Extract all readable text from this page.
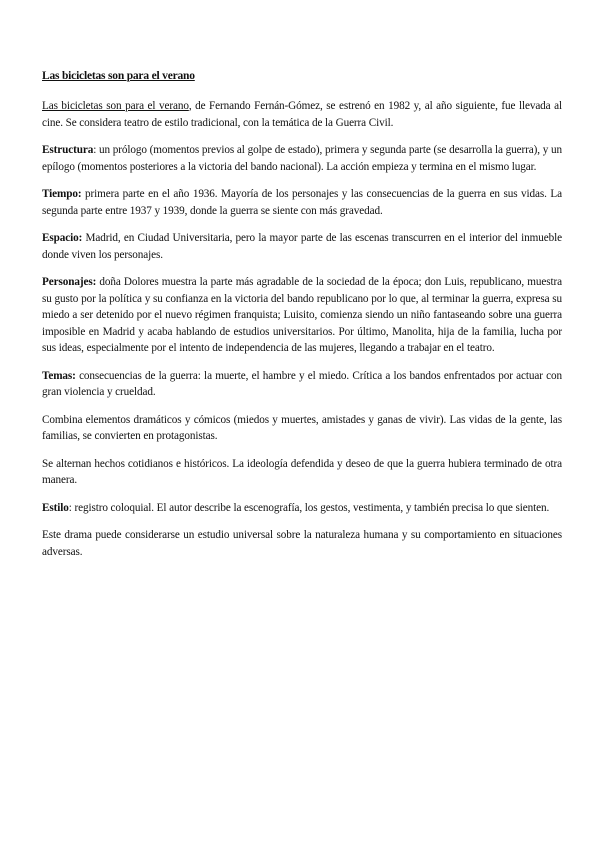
Las bicicletas son para el verano

Las bicicletas son para el verano, de Fernando Fernán-Gómez, se estrenó en 1982 y, al año siguiente, fue llevada al cine. Se considera teatro de estilo tradicional, con la temática de la Guerra Civil.

Estructura: un prólogo (momentos previos al golpe de estado), primera y segunda parte (se desarrolla la guerra), y un epílogo (momentos posteriores a la victoria del bando nacional). La acción empieza y termina en el mismo lugar.

Tiempo: primera parte en el año 1936. Mayoría de los personajes y las consecuencias de la guerra en sus vidas. La segunda parte entre 1937 y 1939, donde la guerra se siente con más gravedad.

Espacio: Madrid, en Ciudad Universitaria, pero la mayor parte de las escenas transcurren en el interior del inmueble donde viven los personajes.

Personajes: doña Dolores muestra la parte más agradable de la sociedad de la época; don Luis, republicano, muestra su gusto por la política y su confianza en la victoria del bando republicano por lo que, al terminar la guerra, expresa su miedo a ser detenido por el nuevo régimen franquista; Luisito, comienza siendo un niño fantaseando sobre una guerra imposible en Madrid y acaba hablando de estudios universitarios. Por último, Manolita, hija de la familia, lucha por sus ideas, especialmente por el intento de independencia de las mujeres, llegando a trabajar en el teatro.

Temas: consecuencias de la guerra: la muerte, el hambre y el miedo. Crítica a los bandos enfrentados por actuar con gran violencia y crueldad.

Combina elementos dramáticos y cómicos (miedos y muertes, amistades y ganas de vivir). Las vidas de la gente, las familias, se convierten en protagonistas.

Se alternan hechos cotidianos e históricos. La ideología defendida y deseo de que la guerra hubiera terminado de otra manera.

Estilo: registro coloquial. El autor describe la escenografía, los gestos, vestimenta, y también precisa lo que sienten.

Este drama puede considerarse un estudio universal sobre la naturaleza humana y su comportamiento en situaciones adversas.
